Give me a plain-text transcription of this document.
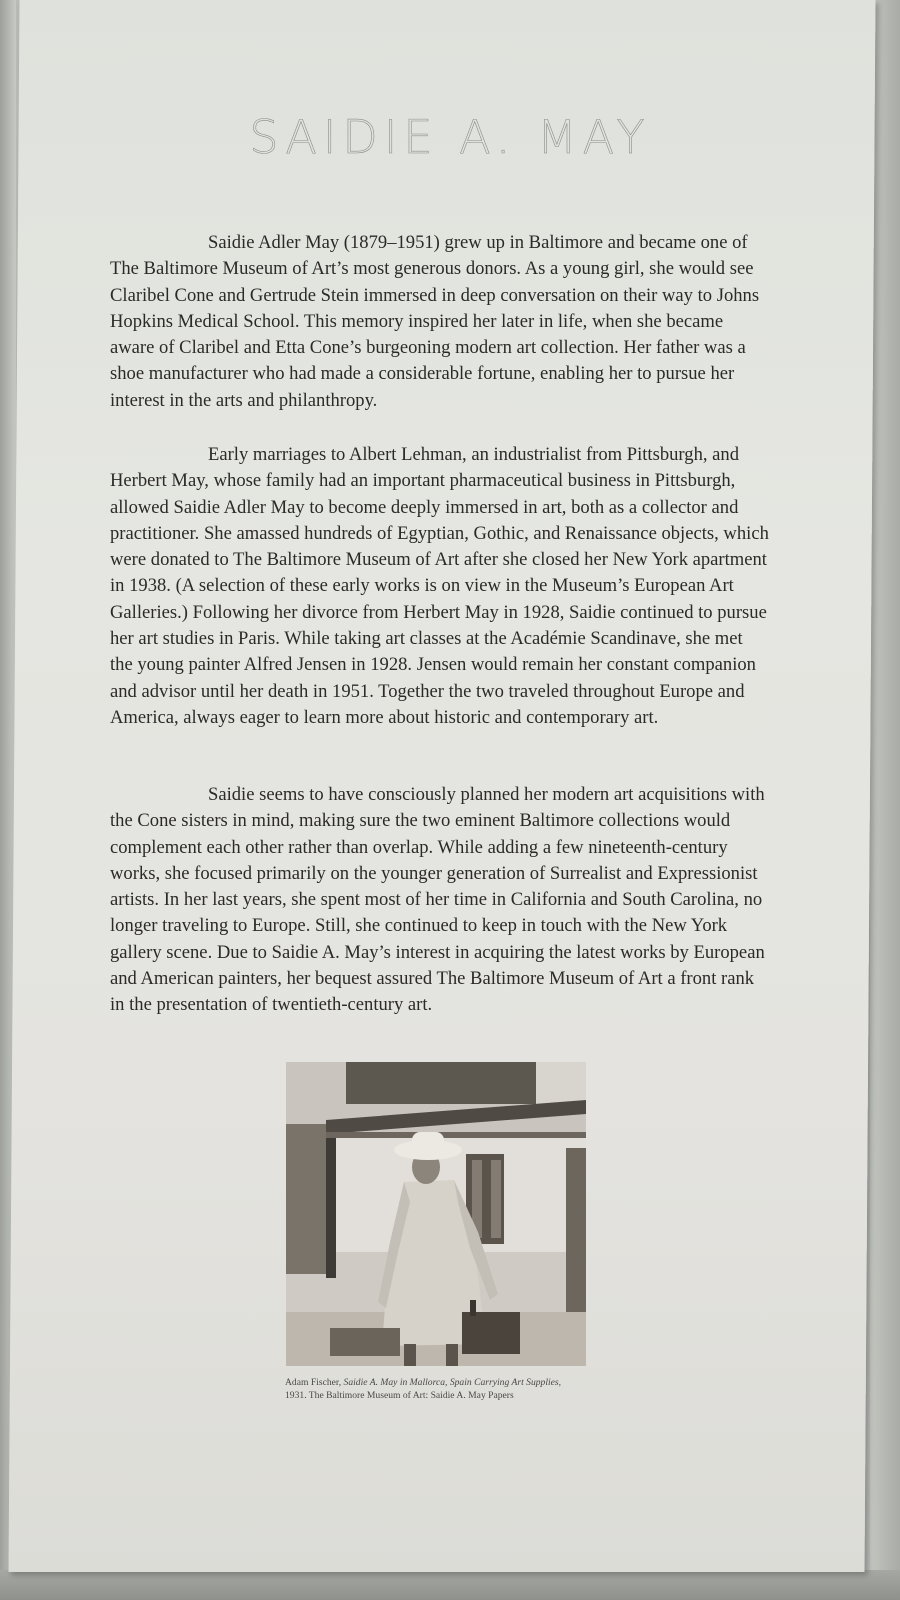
SAIDIE A. MAY

Saidie Adler May (1879–1951) grew up in Baltimore and became one of The Baltimore Museum of Art’s most generous donors. As a young girl, she would see Claribel Cone and Gertrude Stein immersed in deep conversation on their way to Johns Hopkins Medical School. This memory inspired her later in life, when she became aware of Claribel and Etta Cone’s burgeoning modern art collection. Her father was a shoe manufacturer who had made a considerable fortune, enabling her to pursue her interest in the arts and philanthropy.

Early marriages to Albert Lehman, an industrialist from Pittsburgh, and Herbert May, whose family had an important pharmaceutical business in Pittsburgh, allowed Saidie Adler May to become deeply immersed in art, both as a collector and practitioner. She amassed hundreds of Egyptian, Gothic, and Renaissance objects, which were donated to The Baltimore Museum of Art after she closed her New York apartment in 1938. (A selection of these early works is on view in the Museum’s European Art Galleries.) Following her divorce from Herbert May in 1928, Saidie continued to pursue her art studies in Paris. While taking art classes at the Académie Scandinave, she met the young painter Alfred Jensen in 1928. Jensen would remain her constant companion and advisor until her death in 1951. Together the two traveled throughout Europe and America, always eager to learn more about historic and contemporary art.

Saidie seems to have consciously planned her modern art acquisitions with the Cone sisters in mind, making sure the two eminent Baltimore collections would complement each other rather than overlap. While adding a few nineteenth-century works, she focused primarily on the younger generation of Surrealist and Expressionist artists. In her last years, she spent most of her time in California and South Carolina, no longer traveling to Europe. Still, she continued to keep in touch with the New York gallery scene. Due to Saidie A. May’s interest in acquiring the latest works by European and American painters, her bequest assured The Baltimore Museum of Art a front rank in the presentation of twentieth-century art.

Adam Fischer, Saidie A. May in Mallorca, Spain Carrying Art Supplies,
1931. The Baltimore Museum of Art: Saidie A. May Papers
